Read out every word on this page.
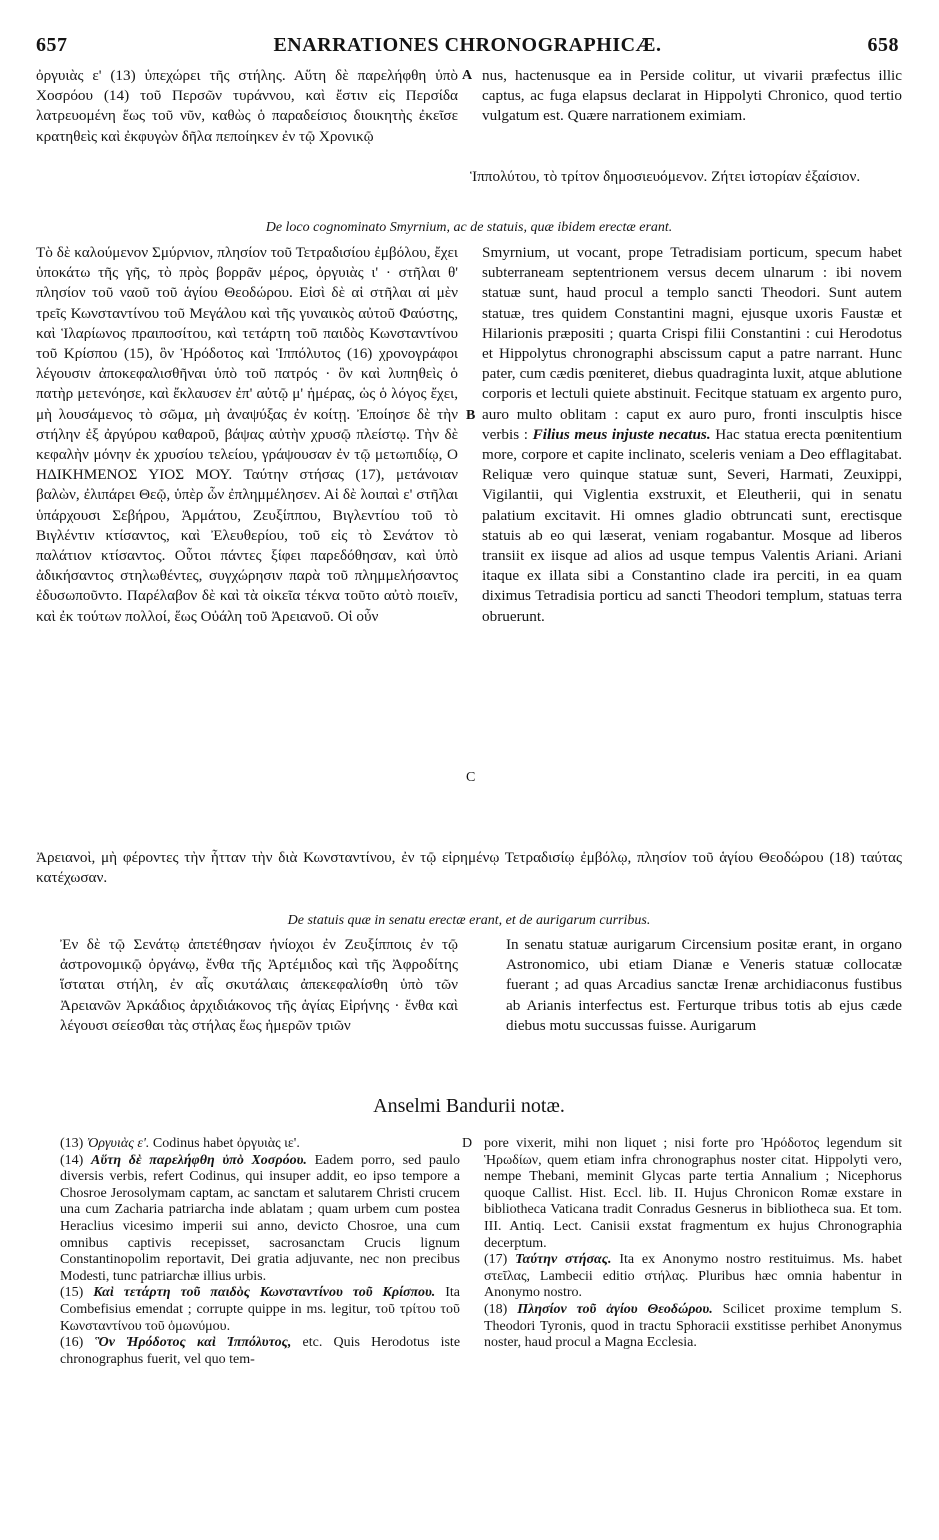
657	ENARRATIONES CHRONOGRAPHICÆ.	658

ὀργυιὰς ε' (13) ὑπεχώρει τῆς στήλης. Αὕτη δὲ παρελήφθη ὑπὸ Χοσρόου (14) τοῦ Περσῶν τυράννου, καὶ ἔστιν εἰς Περσίδα λατρευομένη ἕως τοῦ νῦν, καθὼς ὁ παραδείσιος διοικητὴς ἐκεῖσε κρατηθεὶς καὶ ἐκφυγὼν δῆλα πεποίηκεν ἐν τῷ Χρονικῷ

A nus, hactenusque ea in Perside colitur, ut vivarii præfectus illic captus, ac fuga elapsus declarat in Hippolyti Chronico, quod tertio vulgatum est. Quære narrationem eximiam.

Ἱππολύτου, τὸ τρίτον δημοσιευόμενον. Ζήτει ἱστορίαν ἐξαίσιον.

De loco cognominato Smyrnium, ac de statuis, quæ ibidem erectæ erant.

Τὸ δὲ καλούμενον Σμύρνιον, πλησίον τοῦ Τετραδισίου ἐμβόλου, ἔχει ὑποκάτω τῆς γῆς, τὸ πρὸς βορρᾶν μέρος, ὀργυιὰς ι' · στῆλαι θ' πλησίον τοῦ ναοῦ τοῦ ἁγίου Θεοδώρου. Εἰσὶ δὲ αἱ στῆλαι αἱ μὲν τρεῖς Κωνσταντίνου τοῦ Μεγάλου καὶ τῆς γυναικὸς αὐτοῦ Φαύστης, καὶ Ἱλαρίωνος πραιποσίτου, καὶ τετάρτη τοῦ παιδὸς Κωνσταντίνου τοῦ Κρίσπου (15), ὃν Ἡρόδοτος καὶ Ἱππόλυτος (16) χρονογράφοι λέγουσιν ἀποκεφαλισθῆναι ὑπὸ τοῦ πατρός · ὃν καὶ λυπηθεὶς ὁ πατὴρ μετενόησε, καὶ ἔκλαυσεν ἐπ' αὐτῷ μ' ἡμέρας, ὡς ὁ λόγος ἔχει, μὴ λουσάμενος τὸ σῶμα, μὴ ἀναψύξας ἐν κοίτῃ. Ἐποίησε δὲ τὴν στήλην ἐξ ἀργύρου καθαροῦ, βάψας αὐτὴν χρυσῷ πλείστῳ. Τὴν δὲ κεφαλὴν μόνην ἐκ χρυσίου τελείου, γράψουσαν ἐν τῷ μετωπιδίῳ, Ο ΗΔΙΚΗΜΕΝΟΣ ΥΙΟΣ ΜΟΥ. Ταύτην στήσας (17), μετάνοιαν βαλὼν, ἐλιπάρει Θεῷ, ὑπὲρ ὧν ἐπλημμέλησεν. Αἱ δὲ λοιπαὶ ε' στῆλαι ὑπάρχουσι Σεβήρου, Ἁρμάτου, Ζευξίππου, Βιγλεντίου τοῦ τὸ Βιγλέντιν κτίσαντος, καὶ Ἐλευθερίου, τοῦ εἰς τὸ Σενάτον τὸ παλάτιον κτίσαντος. Οὗτοι πάντες ξίφει παρεδόθησαν, καὶ ὑπὸ ἀδικήσαντος στηλωθέντες, συγχώρησιν παρὰ τοῦ πλημμελήσαντος ἐδυσωποῦντο. Παρέλαβον δὲ καὶ τὰ οἰκεῖα τέκνα τοῦτο αὐτὸ ποιεῖν, καὶ ἐκ τούτων πολλοί, ἕως Οὐάλη τοῦ Ἀρειανοῦ. Οἱ οὖν

B
C

Smyrnium, ut vocant, prope Tetradisiam porticum, specum habet subterraneam septentrionem versus decem ulnarum : ibi novem statuæ sunt, haud procul a templo sancti Theodori. Sunt autem statuæ, tres quidem Constantini magni, ejusque uxoris Faustæ et Hilarionis præpositi ; quarta Crispi filii Constantini : cui Herodotus et Hippolytus chronographi abscissum caput a patre narrant. Hunc pater, cum cædis pœniteret, diebus quadraginta luxit, atque ablutione corporis et lectuli quiete abstinuit. Fecitque statuam ex argento puro, auro multo oblitam : caput ex auro puro, fronti insculptis hisce verbis : Filius meus injuste necatus. Hac statua erecta pœnitentium more, corpore et capite inclinato, sceleris veniam a Deo efflagitabat. Reliquæ vero quinque statuæ sunt, Severi, Harmati, Zeuxippi, Vigilantii, qui Viglentia exstruxit, et Eleutherii, qui in senatu palatium excitavit. Hi omnes gladio obtruncati sunt, erectisque statuis ab eo qui læserat, veniam rogabantur. Mosque ad liberos transiit ex iisque ad alios ad usque tempus Valentis Ariani. Ariani itaque ex illata sibi a Constantino clade ira perciti, in ea quam diximus Tetradisia porticu ad sancti Theodori templum, statuas terra obruerunt.

Ἀρειανοὶ, μὴ φέροντες τὴν ἧτταν τὴν διὰ Κωνσταντίνου, ἐν τῷ εἰρημένῳ Τετραδισίῳ ἐμβόλῳ, πλησίον τοῦ ἁγίου Θεοδώρου (18) ταύτας κατέχωσαν.

De statuis quæ in senatu erectæ erant, et de aurigarum curribus.

Ἐν δὲ τῷ Σενάτῳ ἀπετέθησαν ἡνίοχοι ἐν Ζευξίπποις ἐν τῷ ἀστρονομικῷ ὀργάνῳ, ἔνθα τῆς Ἀρτέμιδος καὶ τῆς Ἀφροδίτης ἵσταται στήλη, ἐν αἷς σκυτάλαις ἀπεκεφαλίσθη ὑπὸ τῶν Ἀρειανῶν Ἀρκάδιος ἀρχιδιάκονος τῆς ἁγίας Εἰρήνης · ἔνθα καὶ λέγουσι σείεσθαι τὰς στήλας ἕως ἡμερῶν τριῶν

In senatu statuæ aurigarum Circensium positæ erant, in organo Astronomico, ubi etiam Dianæ e Veneris statuæ collocatæ fuerant ; ad quas Arcadius sanctæ Irenæ archidiaconus fustibus ab Arianis interfectus est. Ferturque tribus totis ab ejus cæde diebus motu succussas fuisse. Aurigarum

Anselmi Bandurii notæ.
D

(13) Ὀργυιὰς ε'. Codinus habet ὀργυιὰς ιε'.

(14) Αὕτη δὲ παρελήφθη ὑπὸ Χοσρόου. Eadem porro, sed paulo diversis verbis, refert Codinus, qui insuper addit, eo ipso tempore a Chosroe Jerosolymam captam, ac sanctam et salutarem Christi crucem una cum Zacharia patriarcha inde ablatam ; quam urbem cum postea Heraclius vicesimo imperii sui anno, devicto Chosroe, una cum omnibus captivis recepisset, sacrosanctam Crucis lignum Constantinopolim reportavit, Dei gratia adjuvante, nec non precibus Modesti, tunc patriarchæ illius urbis.

(15) Καὶ τετάρτη τοῦ παιδὸς Κωνσταντίνου τοῦ Κρίσπου. Ita Combefisius emendat ; corrupte quippe in ms. legitur, τοῦ τρίτου τοῦ Κωνσταντίνου τοῦ ὁμωνύμου.

(16) Ὃν Ἡρόδοτος καὶ Ἱππόλυτος, etc. Quis Herodotus iste chronographus fuerit, vel quo tem-

pore vixerit, mihi non liquet ; nisi forte pro Ἡρόδοτος legendum sit Ἡρωδίων, quem etiam infra chronographus noster citat. Hippolyti vero, nempe Thebani, meminit Glycas parte tertia Annalium ; Nicephorus quoque Callist. Hist. Eccl. lib. II. Hujus Chronicon Romæ exstare in bibliotheca Vaticana tradit Conradus Gesnerus in bibliotheca sua. Et tom. III. Antiq. Lect. Canisii exstat fragmentum ex hujus Chronographia decerptum.

(17) Ταύτην στήσας. Ita ex Anonymo nostro restituimus. Ms. habet στεῖλας, Lambecii editio στήλας. Pluribus hæc omnia habentur in Anonymo nostro.

(18) Πλησίον τοῦ ἁγίου Θεοδώρου. Scilicet proxime templum S. Theodori Tyronis, quod in tractu Sphoracii exstitisse perhibet Anonymus noster, haud procul a Magna Ecclesia.
